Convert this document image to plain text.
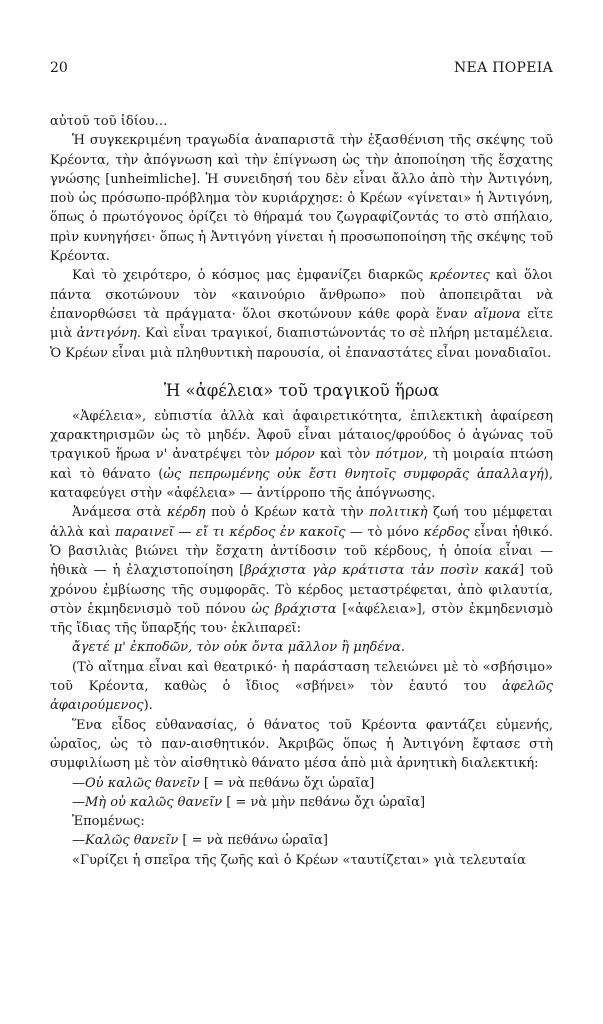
20	ΝΕΑ ΠΟΡΕΙΑ

αὐτοῦ τοῦ ἰδίου…

Ἡ συγκεκριμένη τραγωδία ἀναπαριστᾶ τὴν ἐξασθένιση τῆς σκέψης τοῦ Κρέοντα, τὴν ἀπόγνωση καὶ τὴν ἐπίγνωση ὡς τὴν ἀποποίηση τῆς ἔσχατης γνώσης [unheimliche]. Ἡ συνειδησή του δὲν εἶναι ἄλλο ἀπὸ τὴν Ἀντιγόνη, ποὺ ὡς πρόσωπο-πρόβλημα τὸν κυριάρχησε: ὁ Κρέων «γίνεται» ἡ Ἀντιγόνη, ὅπως ὁ πρωτόγονος ὀρίζει τὸ θήραμά του ζωγραφίζοντάς το στὸ σπήλαιο, πρὶν κυνηγήσει· ὅπως ἡ Ἀντιγόνη γίνεται ἡ προσωποποίηση τῆς σκέψης τοῦ Κρέοντα.

Καὶ τὸ χειρότερο, ὁ κόσμος μας ἐμφανίζει διαρκῶς κρέοντες καὶ ὅλοι πάντα σκοτώνουν τὸν «καινούριο ἄνθρωπο» ποὺ ἀποπειρᾶται νὰ ἐπανορθώσει τὰ πράγματα· ὅλοι σκοτώνουν κάθε φορὰ ἕναν αἵμονα εἴτε μιὰ ἀντιγόνη. Καὶ εἶναι τραγικοί, διαπιστώνοντάς το σὲ πλήρη μεταμέλεια. Ὁ Κρέων εἶναι μιὰ πληθυντικὴ παρουσία, οἱ ἐπαναστάτες εἶναι μοναδιαῖοι.

Ἡ «ἀφέλεια» τοῦ τραγικοῦ ἥρωα

«Ἀφέλεια», εὐπιστία ἀλλὰ καὶ ἀφαιρετικότητα, ἐπιλεκτικὴ ἀφαίρεση χαρακτηρισμῶν ὡς τὸ μηδέν. Ἀφοῦ εἶναι μάταιος/φρούδος ὁ ἀγώνας τοῦ τραγικοῦ ἥρωα ν' ἀνατρέψει τὸν μόρον καὶ τὸν πότμον, τὴ μοιραία πτώση καὶ τὸ θάνατο (ὡς πεπρωμένης οὐκ ἔστι θνητοῖς συμφορᾶς ἀπαλλαγή), καταφεύγει στὴν «ἀφέλεια» — ἀντίρροπο τῆς ἀπόγνωσης.

Ἀνάμεσα στὰ κέρδη ποὺ ὁ Κρέων κατὰ τὴν πολιτικὴ ζωή του μέμφεται ἀλλὰ καὶ παραινεῖ — εἴ τι κέρδος ἐν κακοῖς — τὸ μόνο κέρδος εἶναι ἠθικό. Ὁ βασιλιὰς βιώνει τὴν ἔσχατη ἀντίδοσιν τοῦ κέρδους, ἡ ὁποία εἶναι — ἠθικὰ — ἡ ἐλαχιστοποίηση [βράχιστα γὰρ κράτιστα τἀν ποσὶν κακά] τοῦ χρόνου ἐμβίωσης τῆς συμφορᾶς. Τὸ κέρδος μεταστρέφεται, ἀπὸ φιλαυτία, στὸν ἐκμηδενισμὸ τοῦ πόνου ὡς βράχιστα [«ἀφέλεια»], στὸν ἐκμηδενισμὸ τῆς ἴδιας τῆς ὕπαρξής του· ἐκλιπαρεῖ:

ἄγετέ μ' ἐκποδῶν, τὸν οὐκ ὄντα μᾶλλον ἢ μηδένα.

(Τὸ αἴτημα εἶναι καὶ θεατρικό· ἡ παράσταση τελειώνει μὲ τὸ «σβήσιμο» τοῦ Κρέοντα, καθὼς ὁ ἴδιος «σβήνει» τὸν ἑαυτό του ἀφελῶς ἀφαιρούμενος).

Ἕνα εἶδος εὐθανασίας, ὁ θάνατος τοῦ Κρέοντα φαντάζει εὐμενής, ὡραῖος, ὡς τὸ παν-αισθητικόν. Ἀκριβῶς ὅπως ἡ Ἀντιγόνη ἔφτασε στὴ συμφιλίωση μὲ τὸν αἰσθητικὸ θάνατο μέσα ἀπὸ μιὰ ἀρνητικὴ διαλεκτική:

—Οὐ καλῶς θανεῖν [ = νὰ πεθάνω ὄχι ὡραῖα]

—Μὴ οὐ καλῶς θανεῖν [ = νὰ μὴν πεθάνω ὄχι ὡραῖα]

Ἐπομένως:

—Καλῶς θανεῖν [ = νὰ πεθάνω ὡραῖα]

«Γυρίζει ἡ σπεῖρα τῆς ζωῆς καὶ ὁ Κρέων «ταυτίζεται» γιὰ τελευταία
